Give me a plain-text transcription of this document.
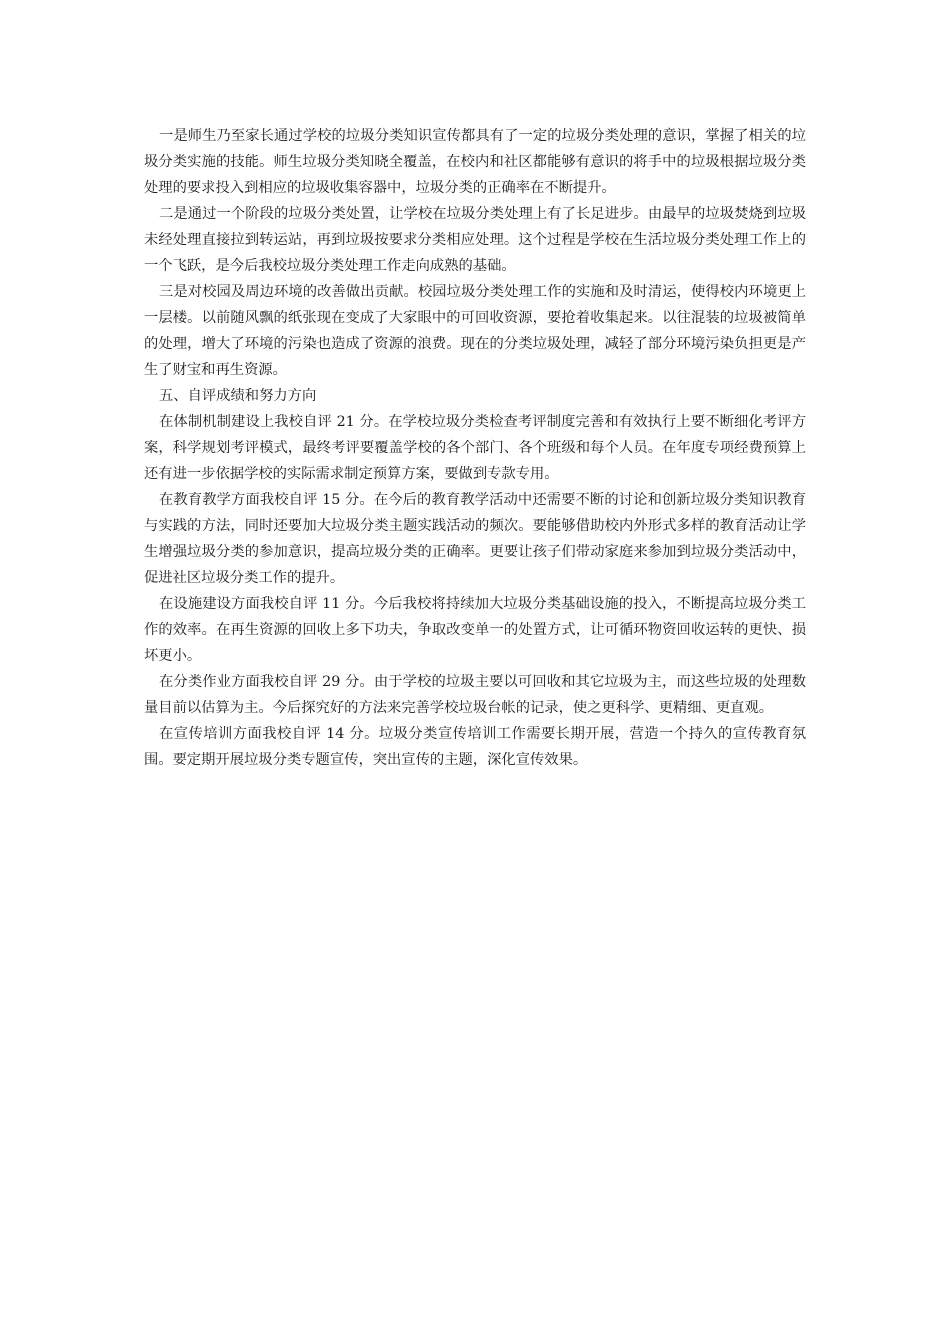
一是师生乃至家长通过学校的垃圾分类知识宣传都具有了一定的垃圾分类处理的意识，掌握了相关的垃圾分类实施的技能。师生垃圾分类知晓全覆盖，在校内和社区都能够有意识的将手中的垃圾根据垃圾分类处理的要求投入到相应的垃圾收集容器中，垃圾分类的正确率在不断提升。

二是通过一个阶段的垃圾分类处置，让学校在垃圾分类处理上有了长足进步。由最早的垃圾焚烧到垃圾未经处理直接拉到转运站，再到垃圾按要求分类相应处理。这个过程是学校在生活垃圾分类处理工作上的一个飞跃，是今后我校垃圾分类处理工作走向成熟的基础。

三是对校园及周边环境的改善做出贡献。校园垃圾分类处理工作的实施和及时清运，使得校内环境更上一层楼。以前随风飘的纸张现在变成了大家眼中的可回收资源，要抢着收集起来。以往混装的垃圾被简单的处理，增大了环境的污染也造成了资源的浪费。现在的分类垃圾处理，减轻了部分环境污染负担更是产生了财宝和再生资源。

五、自评成绩和努力方向

在体制机制建设上我校自评 21 分。在学校垃圾分类检查考评制度完善和有效执行上要不断细化考评方案，科学规划考评模式，最终考评要覆盖学校的各个部门、各个班级和每个人员。在年度专项经费预算上还有进一步依据学校的实际需求制定预算方案，要做到专款专用。

在教育教学方面我校自评 15 分。在今后的教育教学活动中还需要不断的讨论和创新垃圾分类知识教育与实践的方法，同时还要加大垃圾分类主题实践活动的频次。要能够借助校内外形式多样的教育活动让学生增强垃圾分类的参加意识，提高垃圾分类的正确率。更要让孩子们带动家庭来参加到垃圾分类活动中，促进社区垃圾分类工作的提升。

在设施建设方面我校自评 11 分。今后我校将持续加大垃圾分类基础设施的投入，不断提高垃圾分类工作的效率。在再生资源的回收上多下功夫，争取改变单一的处置方式，让可循环物资回收运转的更快、损坏更小。

在分类作业方面我校自评 29 分。由于学校的垃圾主要以可回收和其它垃圾为主，而这些垃圾的处理数量目前以估算为主。今后探究好的方法来完善学校垃圾台帐的记录，使之更科学、更精细、更直观。

在宣传培训方面我校自评 14 分。垃圾分类宣传培训工作需要长期开展，营造一个持久的宣传教育氛围。要定期开展垃圾分类专题宣传，突出宣传的主题，深化宣传效果。
